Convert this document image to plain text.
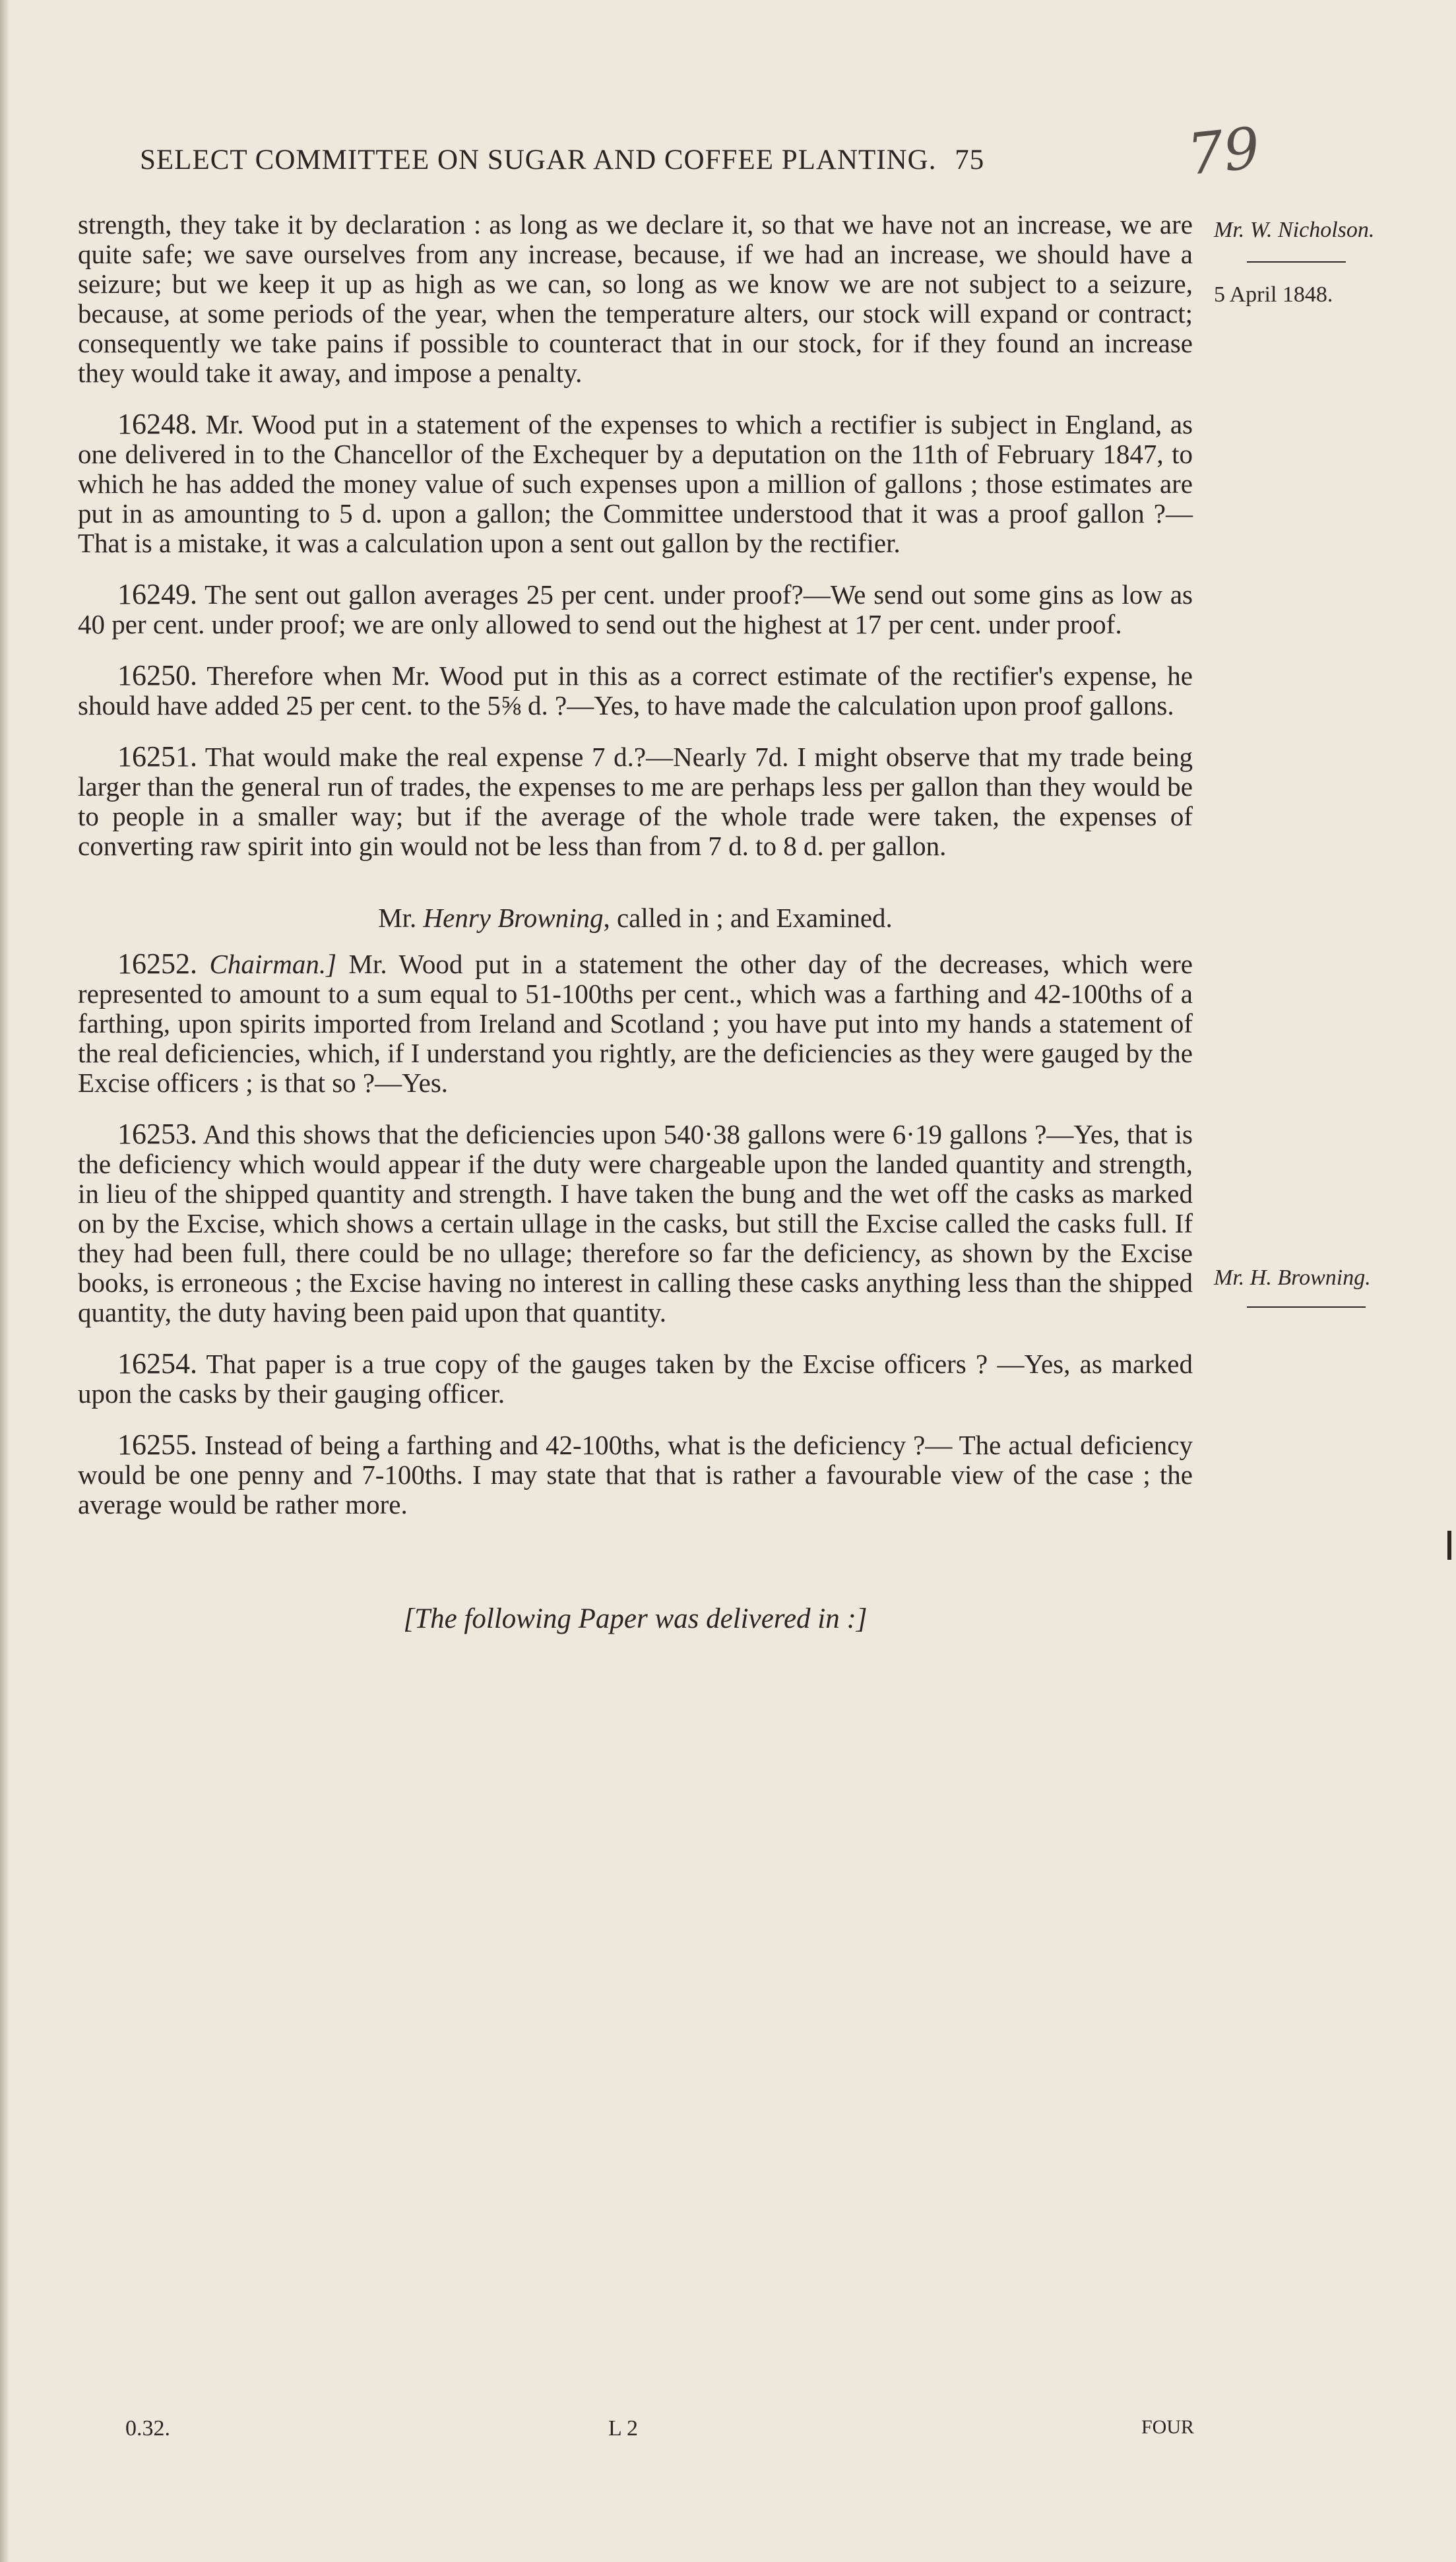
SELECT COMMITTEE ON SUGAR AND COFFEE PLANTING. 75	79
Mr. W. Nicholson.
5 April 1848.
Mr. H. Browning.

strength, they take it by declaration : as long as we declare it, so that we have not an increase, we are quite safe; we save ourselves from any increase, because, if we had an increase, we should have a seizure; but we keep it up as high as we can, so long as we know we are not subject to a seizure, because, at some periods of the year, when the temperature alters, our stock will expand or contract; consequently we take pains if possible to counteract that in our stock, for if they found an increase they would take it away, and impose a penalty.

16248. Mr. Wood put in a statement of the expenses to which a rectifier is subject in England, as one delivered in to the Chancellor of the Exchequer by a deputation on the 11th of February 1847, to which he has added the money value of such expenses upon a million of gallons ; those estimates are put in as amounting to 5 d. upon a gallon; the Committee understood that it was a proof gallon ?—That is a mistake, it was a calculation upon a sent out gallon by the rectifier.

16249. The sent out gallon averages 25 per cent. under proof?—We send out some gins as low as 40 per cent. under proof; we are only allowed to send out the highest at 17 per cent. under proof.

16250. Therefore when Mr. Wood put in this as a correct estimate of the rectifier's expense, he should have added 25 per cent. to the 5⅝ d. ?—Yes, to have made the calculation upon proof gallons.

16251. That would make the real expense 7 d.?—Nearly 7d. I might observe that my trade being larger than the general run of trades, the expenses to me are perhaps less per gallon than they would be to people in a smaller way; but if the average of the whole trade were taken, the expenses of converting raw spirit into gin would not be less than from 7 d. to 8 d. per gallon.

Mr. Henry Browning, called in ; and Examined.

16252. Chairman.] Mr. Wood put in a statement the other day of the decreases, which were represented to amount to a sum equal to 51-100ths per cent., which was a farthing and 42-100ths of a farthing, upon spirits imported from Ireland and Scotland ; you have put into my hands a statement of the real deficiencies, which, if I understand you rightly, are the deficiencies as they were gauged by the Excise officers ; is that so ?—Yes.

16253. And this shows that the deficiencies upon 540·38 gallons were 6·19 gallons ?—Yes, that is the deficiency which would appear if the duty were chargeable upon the landed quantity and strength, in lieu of the shipped quantity and strength. I have taken the bung and the wet off the casks as marked on by the Excise, which shows a certain ullage in the casks, but still the Excise called the casks full. If they had been full, there could be no ullage; therefore so far the deficiency, as shown by the Excise books, is erroneous ; the Excise having no interest in calling these casks anything less than the shipped quantity, the duty having been paid upon that quantity.

16254. That paper is a true copy of the gauges taken by the Excise officers ? —Yes, as marked upon the casks by their gauging officer.

16255. Instead of being a farthing and 42-100ths, what is the deficiency ?— The actual deficiency would be one penny and 7-100ths. I may state that that is rather a favourable view of the case ; the average would be rather more.

[The following Paper was delivered in :]

0.32.	L 2	FOUR
